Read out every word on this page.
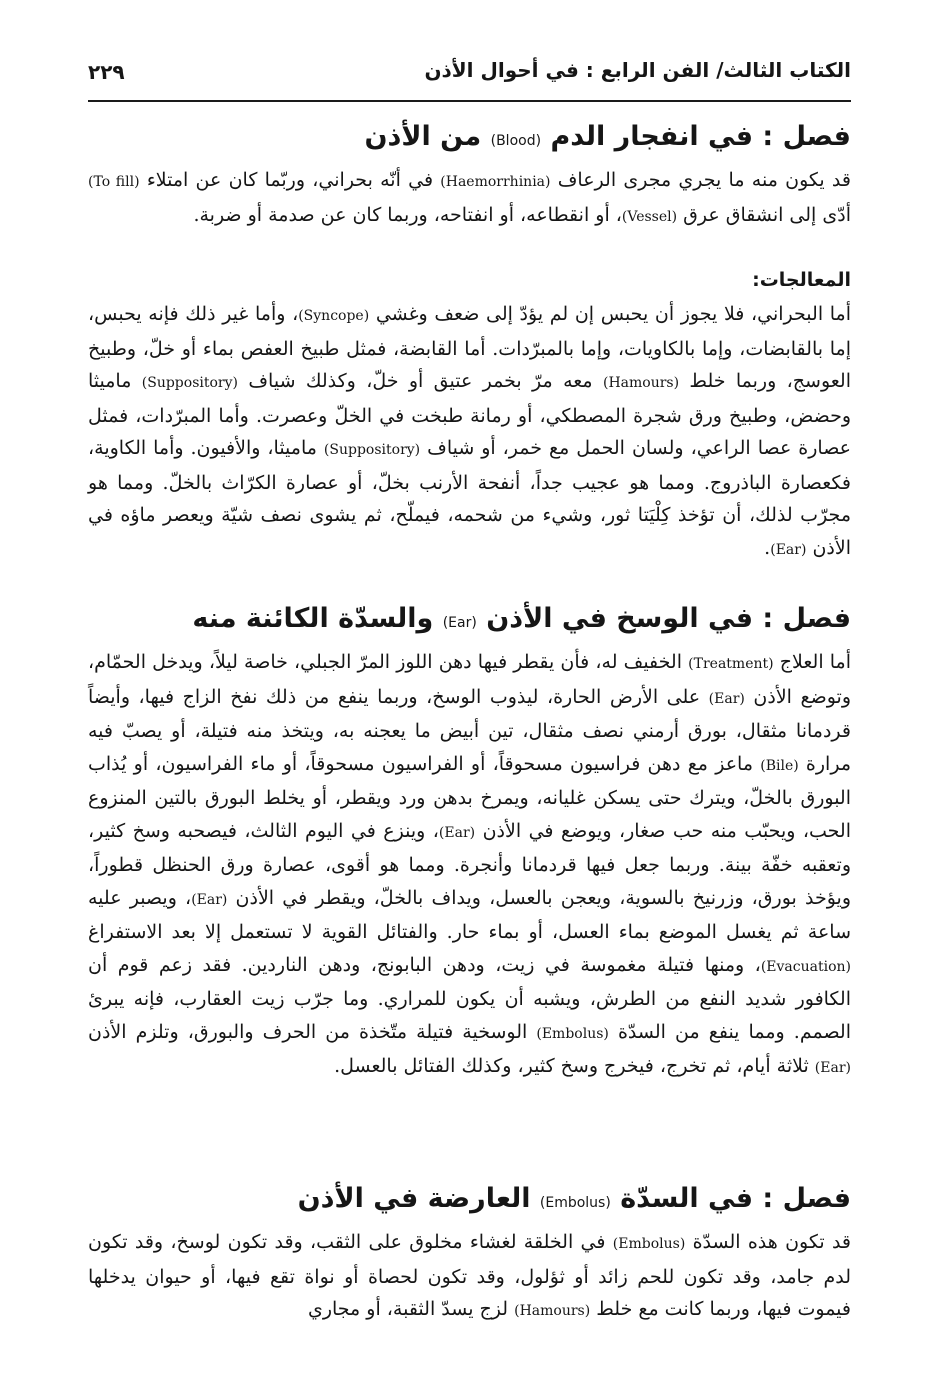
الكتاب الثالث/ الفن الرابع : في أحوال الأذن
٢٢٩
فصل : في انفجار الدم (Blood) من الأذن

قد يكون منه ما يجري مجرى الرعاف (Haemorrhinia) في أنّه بحراني، وربّما كان عن امتلاء (To fill) أدّى إلى انشقاق عرق (Vessel)، أو انقطاعه، أو انفتاحه، وربما كان عن صدمة أو ضربة.

المعالجات:

أما البحراني، فلا يجوز أن يحبس إن لم يؤدّ إلى ضعف وغشي (Syncope)، وأما غير ذلك فإنه يحبس، إما بالقابضات، وإما بالكاويات، وإما بالمبرّدات. أما القابضة، فمثل طبيخ العفص بماء أو خلّ، وطبيخ العوسج، وربما خلط (Hamours) معه مرّ بخمر عتيق أو خلّ، وكذلك شياف (Suppository) ماميثا وحضض، وطبيخ ورق شجرة المصطكي، أو رمانة طبخت في الخلّ وعصرت. وأما المبرّدات، فمثل عصارة عصا الراعي، ولسان الحمل مع خمر، أو شياف (Suppository) ماميثا، والأفيون. وأما الكاوية، فكعصارة الباذروج. ومما هو عجيب جداً، أنفحة الأرنب بخلّ، أو عصارة الكرّاث بالخلّ. ومما هو مجرّب لذلك، أن تؤخذ كِلْيَتا ثور، وشيء من شحمه، فيملّح، ثم يشوى نصف شيّة ويعصر ماؤه في الأذن (Ear).

فصل : في الوسخ في الأذن (Ear) والسدّة الكائنة منه

أما العلاج (Treatment) الخفيف له، فأن يقطر فيها دهن اللوز المرّ الجبلي، خاصة ليلاً، ويدخل الحمّام، وتوضع الأذن (Ear) على الأرض الحارة، ليذوب الوسخ، وربما ينفع من ذلك نفخ الزاج فيها، وأيضاً قردمانا مثقال، بورق أرمني نصف مثقال، تين أبيض ما يعجنه به، ويتخذ منه فتيلة، أو يصبّ فيه مرارة (Bile) ماعز مع دهن فراسيون مسحوقاً، أو الفراسيون مسحوقاً، أو ماء الفراسيون، أو يُذاب البورق بالخلّ، ويترك حتى يسكن غليانه، ويمرخ بدهن ورد ويقطر، أو يخلط البورق بالتين المنزوع الحب، ويحبّب منه حب صغار، ويوضع في الأذن (Ear)، وينزع في اليوم الثالث، فيصحبه وسخ كثير، وتعقبه خفّة بينة. وربما جعل فيها قردمانا وأنجرة. ومما هو أقوى، عصارة ورق الحنظل قطوراً، ويؤخذ بورق، وزرنيخ بالسوية، ويعجن بالعسل، ويداف بالخلّ، ويقطر في الأذن (Ear)، ويصبر عليه ساعة ثم يغسل الموضع بماء العسل، أو بماء حار. والفتائل القوية لا تستعمل إلا بعد الاستفراغ (Evacuation)، ومنها فتيلة مغموسة في زيت، ودهن البابونج، ودهن الناردين. فقد زعم قوم أن الكافور شديد النفع من الطرش، ويشبه أن يكون للمراري. وما جرّب زيت العقارب، فإنه يبرئ الصمم. ومما ينفع من السدّة (Embolus) الوسخية فتيلة متّخذة من الحرف والبورق، وتلزم الأذن (Ear) ثلاثة أيام، ثم تخرج، فيخرج وسخ كثير، وكذلك الفتائل بالعسل.

فصل : في السدّة (Embolus) العارضة في الأذن

قد تكون هذه السدّة (Embolus) في الخلقة لغشاء مخلوق على الثقب، وقد تكون لوسخ، وقد تكون لدم جامد، وقد تكون للحم زائد أو ثؤلول، وقد تكون لحصاة أو نواة تقع فيها، أو حيوان يدخلها فيموت فيها، وربما كانت مع خلط (Hamours) لزج يسدّ الثقبة، أو مجاري
